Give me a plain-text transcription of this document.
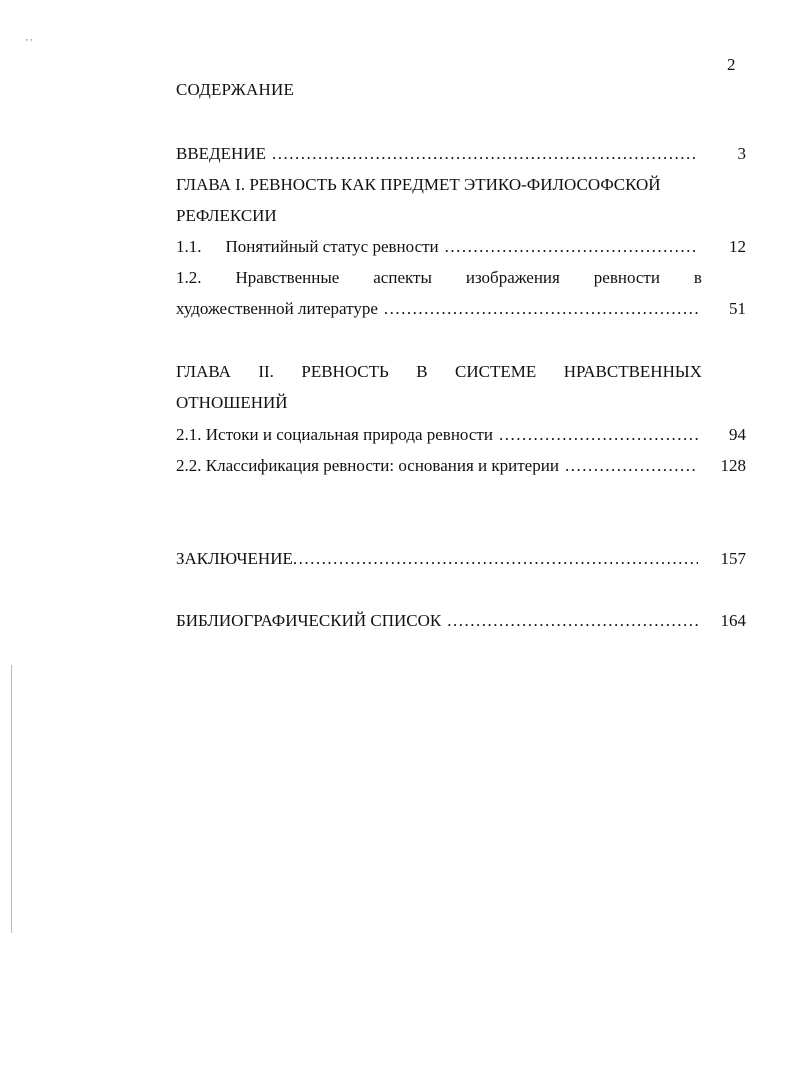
' '
2
СОДЕРЖАНИЕ
ВВЕДЕНИЕ .....	3
ГЛАВА I. РЕВНОСТЬ КАК ПРЕДМЕТ ЭТИКО-ФИЛОСОФСКОЙ
РЕФЛЕКСИИ
1.1. Понятийный статус ревности .....	12
1.2. Нравственные аспекты изображения ревности в
художественной литературе .....	51
ГЛАВА II. РЕВНОСТЬ В СИСТЕМЕ НРАВСТВЕННЫХ
ОТНОШЕНИЙ
2.1. Истоки и социальная природа ревности .....	94
2.2. Классификация ревности: основания и критерии .....	128
ЗАКЛЮЧЕНИЕ .....	157
БИБЛИОГРАФИЧЕСКИЙ СПИСОК .....	164
